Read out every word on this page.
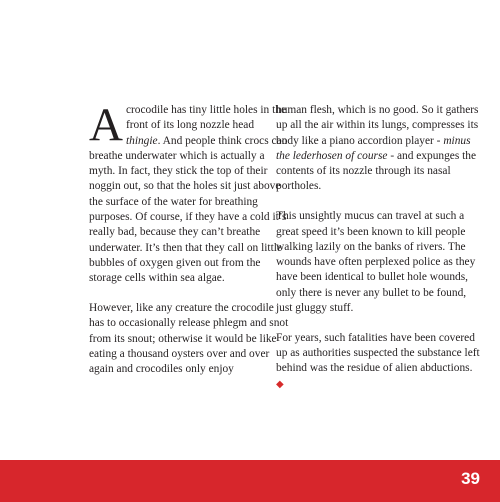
Acrocodile has tiny little holes in the front of its long nozzle head thingie. And people think crocs can breathe underwater which is actually a myth. In fact, they stick the top of their noggin out, so that the holes sit just above the surface of the water for breathing purposes. Of course, if they have a cold it’s really bad, because they can’t breathe underwater. It’s then that they call on little bubbles of oxygen given out from the storage cells within sea algae.

However, like any creature the crocodile has to occasionally release phlegm and snot from its snout; otherwise it would be like eating a thousand oysters over and over again and crocodiles only enjoy

human flesh, which is no good. So it gathers up all the air within its lungs, compresses its body like a piano accordion player - minus the lederhosen of course - and expunges the contents of its nozzle through its nasal portholes.

This unsightly mucus can travel at such a great speed it’s been known to kill people walking lazily on the banks of rivers. The wounds have often perplexed police as they have been identical to bullet hole wounds, only there is never any bullet to be found, just gluggy stuff.

For years, such fatalities have been covered up as authorities suspected the substance left behind was the residue of alien abductions. ◆

39
